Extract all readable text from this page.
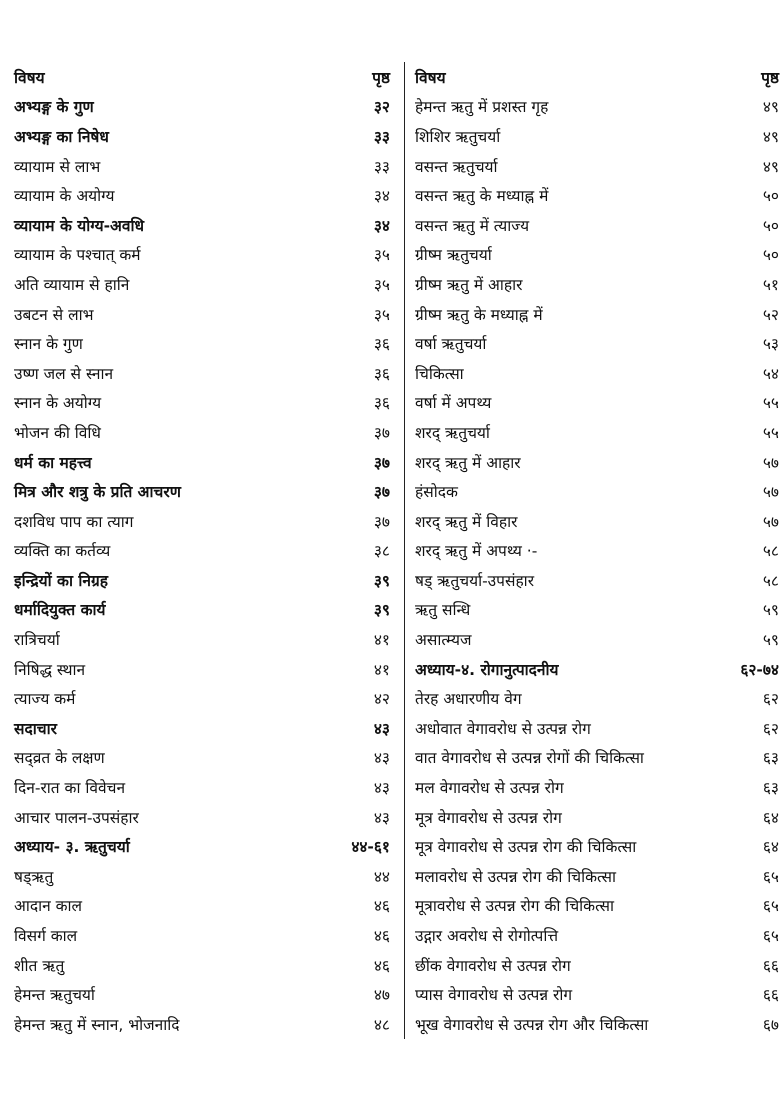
विषय	पृष्ठ
अभ्यङ्ग के गुण	३२
अभ्यङ्ग का निषेध	३३
व्यायाम से लाभ	३३
व्यायाम के अयोग्य	३४
व्यायाम के योग्य-अवधि	३४
व्यायाम के पश्चात् कर्म	३५
अति व्यायाम से हानि	३५
उबटन से लाभ	३५
स्नान के गुण	३६
उष्ण जल से स्नान	३६
स्नान के अयोग्य	३६
भोजन की विधि	३७
धर्म का महत्त्व	३७
मित्र और शत्रु के प्रति आचरण	३७
दशविध पाप का त्याग	३७
व्यक्ति का कर्तव्य	३८
इन्द्रियों का निग्रह	३९
धर्मादियुक्त कार्य	३९
रात्रिचर्या	४१
निषिद्ध स्थान	४१
त्याज्य कर्म	४२
सदाचार	४३
सद्व्रत के लक्षण	४३
दिन-रात का विवेचन	४३
आचार पालन-उपसंहार	४३
अध्याय- ३. ऋतुचर्या	४४-६१
षड्ऋतु	४४
आदान काल	४६
विसर्ग काल	४६
शीत ऋतु	४६
हेमन्त ऋतुचर्या	४७
हेमन्त ऋतु में स्नान, भोजनादि	४८
विषय	पृष्ठ
हेमन्त ऋतु में प्रशस्त गृह	४९
शिशिर ऋतुचर्या	४९
वसन्त ऋतुचर्या	४९
वसन्त ऋतु के मध्याह्न में	५०
वसन्त ऋतु में त्याज्य	५०
ग्रीष्म ऋतुचर्या	५०
ग्रीष्म ऋतु में आहार	५१
ग्रीष्म ऋतु के मध्याह्न में	५२
वर्षा ऋतुचर्या	५३
चिकित्सा	५४
वर्षा में अपथ्य	५५
शरद् ऋतुचर्या	५५
शरद् ऋतु में आहार	५७
हंसोदक	५७
शरद् ऋतु में विहार	५७
शरद् ऋतु में अपथ्य ·-	५८
षड् ऋतुचर्या-उपसंहार	५८
ऋतु सन्धि	५९
असात्म्यज	५९
अध्याय-४. रोगानुत्पादनीय	६२-७४
तेरह अधारणीय वेग	६२
अधोवात वेगावरोध से उत्पन्न रोग	६२
वात वेगावरोध से उत्पन्न रोगों की चिकित्सा	६३
मल वेगावरोध से उत्पन्न रोग	६३
मूत्र वेगावरोध से उत्पन्न रोग	६४
मूत्र वेगावरोध से उत्पन्न रोग की चिकित्सा	६४
मलावरोध से उत्पन्न रोग की चिकित्सा	६५
मूत्रावरोध से उत्पन्न रोग की चिकित्सा	६५
उद्गार अवरोध से रोगोत्पत्ति	६५
छींक वेगावरोध से उत्पन्न रोग	६६
प्यास वेगावरोध से उत्पन्न रोग	६६
भूख वेगावरोध से उत्पन्न रोग और चिकित्सा	६७
